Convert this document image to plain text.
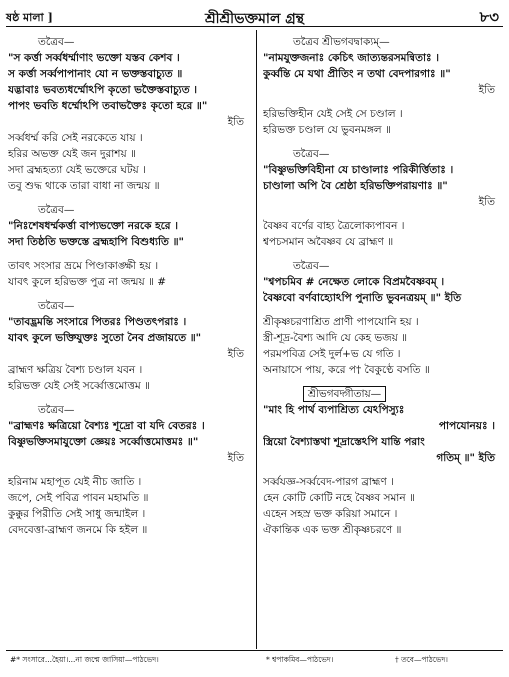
ষষ্ঠ মালা ]	শ্রীশ্রীভক্তমাল গ্রন্থ	৮৩
তত্রৈব—
"স কর্ত্তা সর্ব্বধর্ম্মাণাং ভক্তো যস্তব কেশব ।
স কর্ত্তা সর্ব্বপাপানাং যো ন ভক্তস্তবাচ্যুত ॥
যদ্ভাবাঃ ভবত্যধর্ম্মোঽপি কৃতো ভক্তৈস্তবাচ্যুত ।
পাপং ভবতি ধর্ম্মোঽপি তবাভক্তৈঃ কৃতো হরে ॥"
ইতি
সর্ব্বধর্ম্ম করি সেই নরকেতে যায় ।
হরির অভক্ত যেই জন দুরাশয় ॥
সদা ব্রহ্মহত্যা যেই ভক্তেরে ঘটয় ।
তবু শুদ্ধ থাকে তারা বাধা না জন্ময় ॥
তত্রৈব—
"নিঃশেষধর্ম্মকর্ত্তা বাপ্যভক্তো নরকে হরে ।
সদা তিষ্ঠতি ভক্তস্তে ব্রহ্মহাপি বিশুধ্যতি ॥"
তাবৎ সংসার ভ্রমে পিণ্ডাকাঙ্ক্ষী হয় ।
যাবৎ কুলে হরিভক্ত পুত্র না জন্ময় ॥ #
তত্রৈব—
"তাবদ্ভ্রমন্তি সংসারে পিতরঃ পিণ্ডতৎপরাঃ ।
যাবৎ কুলে ভক্তিযুক্তঃ সুতো নৈব প্রজায়তে ॥"
ইতি
ব্রাহ্মণ ক্ষত্রিয় বৈশ্য চণ্ডাল যবন ।
হরিভক্ত যেই সেই সর্ব্বোত্তমোত্তম ॥
তত্রৈব—
"ব্রাহ্মণঃ ক্ষত্রিয়ো বৈশ্যঃ শূদ্রো বা যদি বেতরঃ ।
বিষ্ণুভক্তিসমাযুক্তো জ্ঞেয়ঃ সর্ব্বোত্তমোত্তমঃ ॥"
ইতি
হরিনাম মহাপূত যেই নীচ জাতি ।
জপে, সেই পবিত্র পাবন মহামতি ॥
কুক্কুর পিরীতি সেই সাধু জন্মাইল ।
বেদবেত্তা-ব্রাহ্মণ জনমে কি হইল ॥
তত্রৈব শ্রীভগবদ্বাক্যম্—
"নামযুক্তজনাঃ কেচিৎ জাত্যন্তরসমন্বিতাঃ ।
কুর্ব্বন্তি মে যথা প্রীতিং ন তথা বেদপারগাঃ ॥"
ইতি
হরিভক্তিহীন যেই সেই সে চণ্ডাল ।
হরিভক্ত চণ্ডাল যে ভুবনমঙ্গল ॥
তত্রৈব—
"বিষ্ণুভক্তিবিহীনা যে চাণ্ডালাঃ পরিকীর্ত্তিতাঃ ।
চাণ্ডালা অপি বৈ শ্রেষ্ঠা হরিভক্তিপরায়ণাঃ ॥"
ইতি
বৈষ্ণব বর্ণের বাহ্য ত্রৈলোক্যপাবন ।
শ্বপচসমান অবৈষ্ণব যে ব্রাহ্মণ ॥
তত্রৈব—
"শ্বপচমিব # নেক্ষেত লোকে বিপ্রমবৈষ্ণবম্ ।
বৈষ্ণবো বর্ণবাহ্যোঽপি পুনাতি ভুবনত্রয়ম্ ॥" ইতি
শ্রীকৃষ্ণচরণাশ্রিত প্রাণী পাপযোনি হয় ।
স্ত্রী-শূদ্র-বৈশ্য আদি যে কেহ ভজয় ॥
পরমপবিত্র সেই দুর্ল+ভ যে গতি ।
অনায়াসে পায়, করে প† বৈকুণ্ঠে বসতি ॥
শ্রীভগবদ্গীতায়—
"মাং হি পার্থ ব্যপাশ্রিত্য যেঽপিস্যুঃ
পাপযোনয়ঃ ।
স্ত্রিয়ো বৈশ্যাস্তথা শূদ্রাস্তেঽপি যান্তি পরাং
গতিম্ ॥" ইতি
সর্ব্বযজ্ঞ-সর্ব্ববেদ-পারগ ব্রাহ্মণ ।
হেন কোটি কোটি নহে বৈষ্ণব সমান ॥
এহেন সহস্র ভক্ত করিয়া সমানে ।
ঐকান্তিক এক ভক্ত শ্রীকৃষ্ণচরণে ॥
#* সংসারে...হৈয়া।...না জন্মে জাসিয়া—পাঠভেদ।	* শ্বপাকমিব—পাঠভেদ।	† তবে—পাঠভেদ।
